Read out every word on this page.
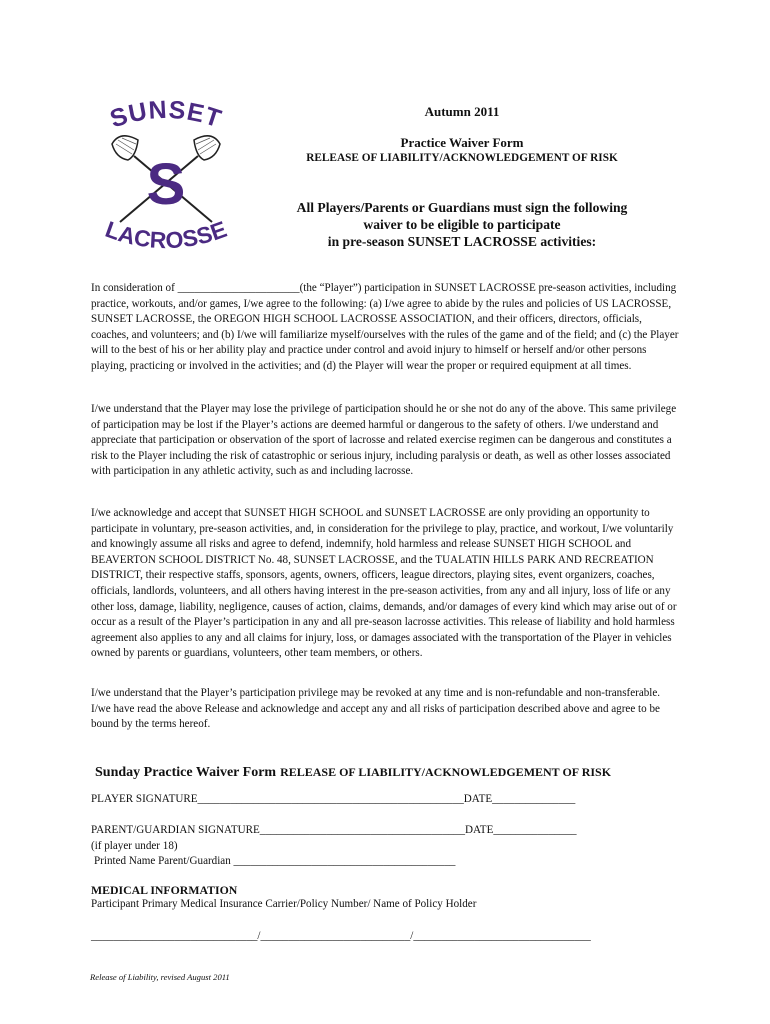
SUNSET
S
LACROSSE
Autumn 2011
Practice Waiver Form
RELEASE OF LIABILITY/ACKNOWLEDGEMENT OF RISK
All Players/Parents or Guardians must sign the following
waiver to be eligible to participate
in pre-season SUNSET LACROSSE activities:
In consideration of ______________________(the “Player”) participation in SUNSET LACROSSE pre-season activities, including practice, workouts, and/or games, I/we agree to the following: (a) I/we agree to abide by the rules and policies of US LACROSSE, SUNSET LACROSSE, the OREGON HIGH SCHOOL LACROSSE ASSOCIATION, and their officers, directors, officials, coaches, and volunteers; and (b) I/we will familiarize myself/ourselves with the rules of the game and of the field; and (c) the Player will to the best of his or her ability play and practice under control and avoid injury to himself or herself and/or other persons playing, practicing or involved in the activities; and (d) the Player will wear the proper or required equipment at all times.
I/we understand that the Player may lose the privilege of participation should he or she not do any of the above. This same privilege of participation may be lost if the Player’s actions are deemed harmful or dangerous to the safety of others. I/we understand and appreciate that participation or observation of the sport of lacrosse and related exercise regimen can be dangerous and constitutes a risk to the Player including the risk of catastrophic or serious injury, including paralysis or death, as well as other losses associated with participation in any athletic activity, such as and including lacrosse.
I/we acknowledge and accept that SUNSET HIGH SCHOOL and SUNSET LACROSSE are only providing an opportunity to participate in voluntary, pre-season activities, and, in consideration for the privilege to play, practice, and workout, I/we voluntarily and knowingly assume all risks and agree to defend, indemnify, hold harmless and release SUNSET HIGH SCHOOL and BEAVERTON SCHOOL DISTRICT No. 48, SUNSET LACROSSE, and the TUALATIN HILLS PARK AND RECREATION DISTRICT, their respective staffs, sponsors, agents, owners, officers, league directors, playing sites, event organizers, coaches, officials, landlords, volunteers, and all others having interest in the pre-season activities, from any and all injury, loss of life or any other loss, damage, liability, negligence, causes of action, claims, demands, and/or damages of every kind which may arise out of or occur as a result of the Player’s participation in any and all pre-season lacrosse activities. This release of liability and hold harmless agreement also applies to any and all claims for injury, loss, or damages associated with the transportation of the Player in vehicles owned by parents or guardians, volunteers, other team members, or others.
I/we understand that the Player’s participation privilege may be revoked at any time and is non-refundable and non-transferable. I/we have read the above Release and acknowledge and accept any and all risks of participation described above and agree to be bound by the terms hereof.
Sunday Practice Waiver Form RELEASE OF LIABILITY/ACKNOWLEDGEMENT OF RISK
PLAYER SIGNATURE________________________________________________DATE_______________
PARENT/GUARDIAN SIGNATURE_____________________________________DATE_______________
(if player under 18)
Printed Name Parent/Guardian ________________________________________
MEDICAL INFORMATION
Participant Primary Medical Insurance Carrier/Policy Number/ Name of Policy Holder
______________________________/___________________________/________________________________
Release of Liability, revised August 2011
